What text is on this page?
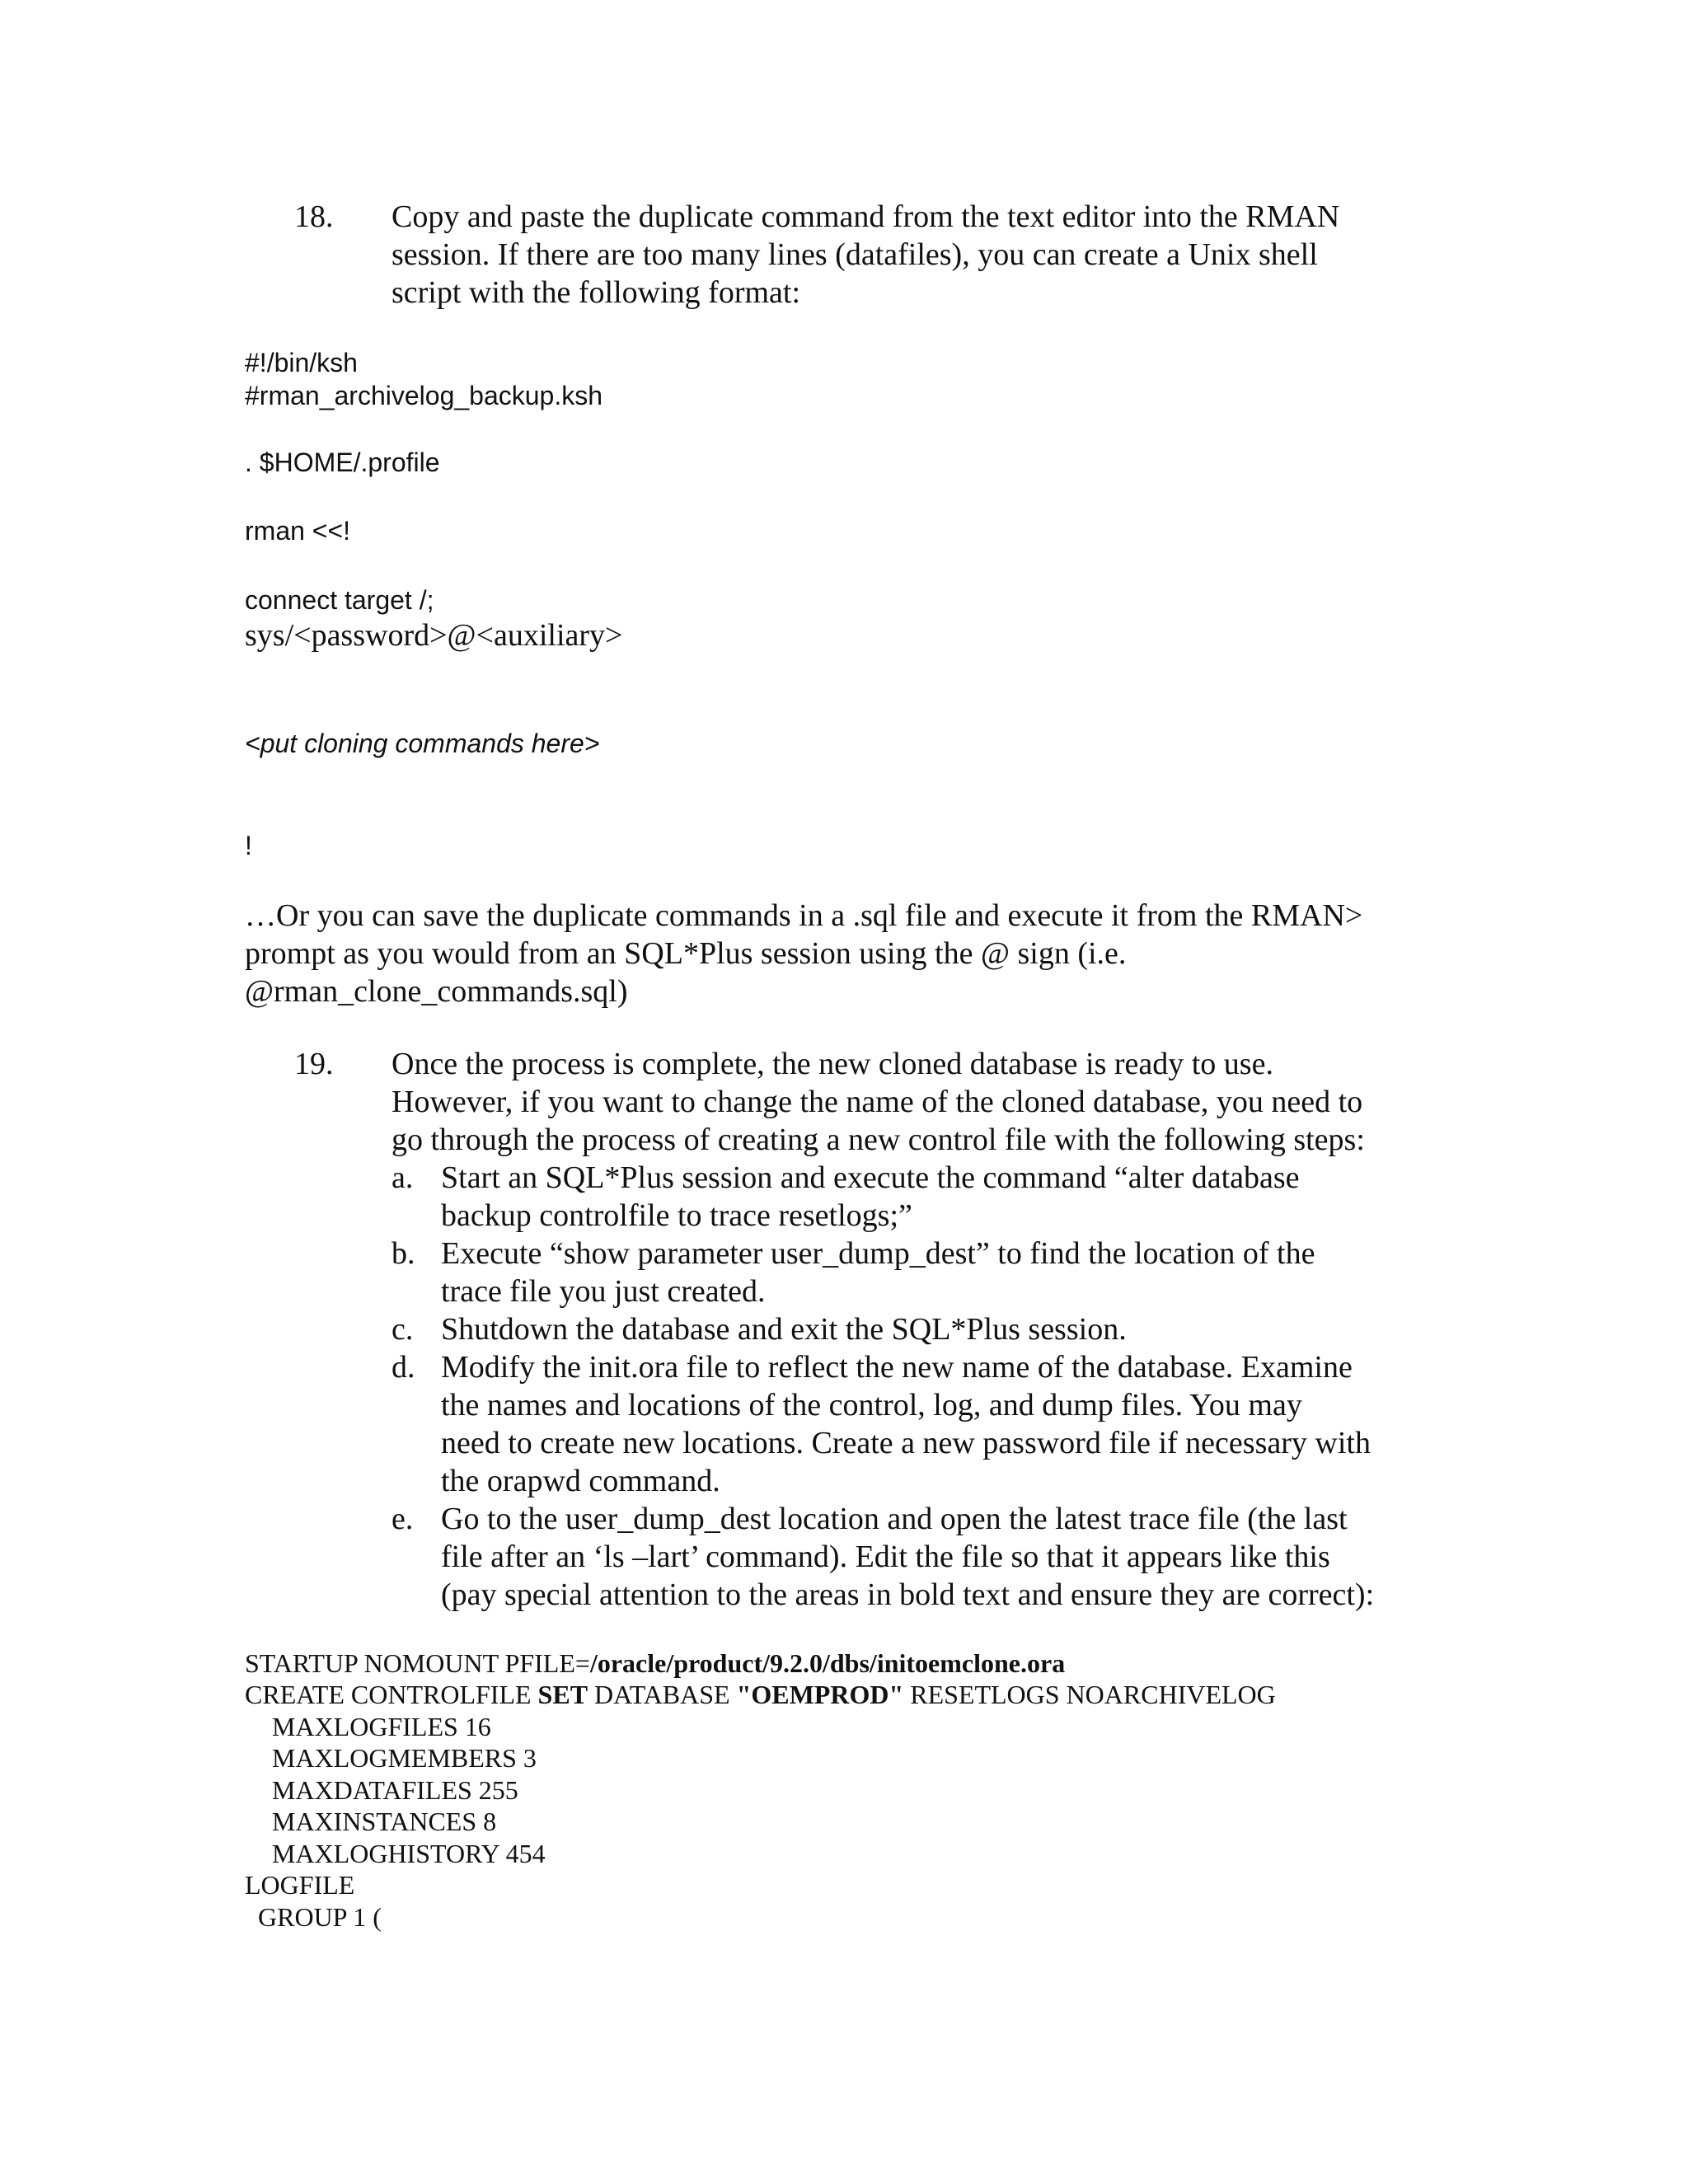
18. Copy and paste the duplicate command from the text editor into the RMAN
session. If there are too many lines (datafiles), you can create a Unix shell
script with the following format:
#!/bin/ksh
#rman_archivelog_backup.ksh
. $HOME/.profile
rman <<!
connect target /;
sys/<password>@<auxiliary>
<put cloning commands here>
!
…Or you can save the duplicate commands in a .sql file and execute it from the RMAN>
prompt as you would from an SQL*Plus session using the @ sign (i.e.
@rman_clone_commands.sql)
19. Once the process is complete, the new cloned database is ready to use.
However, if you want to change the name of the cloned database, you need to
go through the process of creating a new control file with the following steps:
a. Start an SQL*Plus session and execute the command “alter database
backup controlfile to trace resetlogs;”
b. Execute “show parameter user_dump_dest” to find the location of the
trace file you just created.
c. Shutdown the database and exit the SQL*Plus session.
d. Modify the init.ora file to reflect the new name of the database. Examine
the names and locations of the control, log, and dump files. You may
need to create new locations. Create a new password file if necessary with
the orapwd command.
e. Go to the user_dump_dest location and open the latest trace file (the last
file after an ‘ls –lart’ command). Edit the file so that it appears like this
(pay special attention to the areas in bold text and ensure they are correct):
STARTUP NOMOUNT PFILE=/oracle/product/9.2.0/dbs/initoemclone.ora
CREATE CONTROLFILE SET DATABASE "OEMPROD" RESETLOGS NOARCHIVELOG
MAXLOGFILES 16
MAXLOGMEMBERS 3
MAXDATAFILES 255
MAXINSTANCES 8
MAXLOGHISTORY 454
LOGFILE
GROUP 1 (
